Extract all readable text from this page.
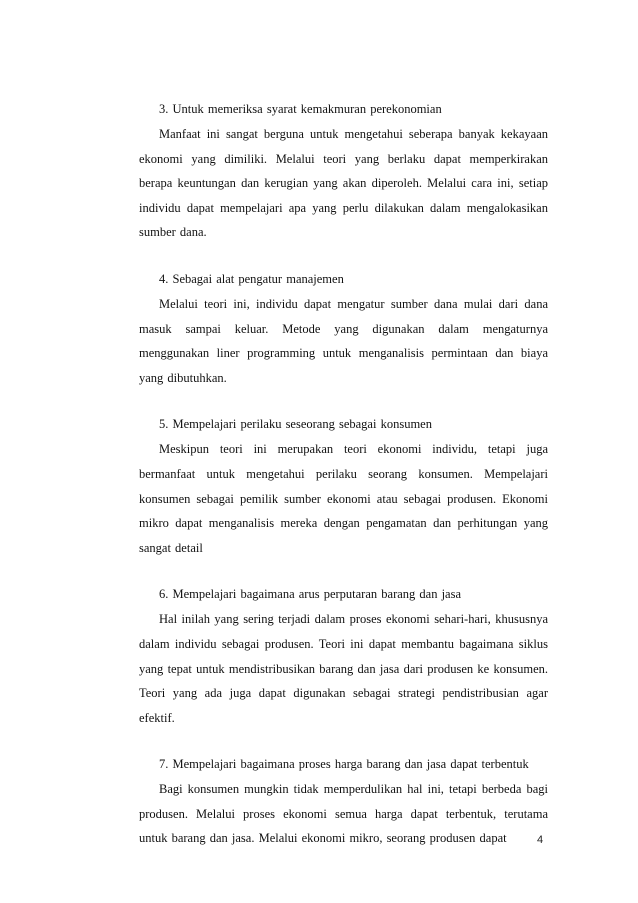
3. Untuk memeriksa syarat kemakmuran perekonomian

Manfaat ini sangat berguna untuk mengetahui seberapa banyak kekayaan ekonomi yang dimiliki. Melalui teori yang berlaku dapat memperkirakan berapa keuntungan dan kerugian yang akan diperoleh. Melalui cara ini, setiap individu dapat mempelajari apa yang perlu dilakukan dalam mengalokasikan sumber dana.

4. Sebagai alat pengatur manajemen

Melalui teori ini, individu dapat mengatur sumber dana mulai dari dana masuk sampai keluar. Metode yang digunakan dalam mengaturnya menggunakan liner programming untuk menganalisis permintaan dan biaya yang dibutuhkan.

5. Mempelajari perilaku seseorang sebagai konsumen

Meskipun teori ini merupakan teori ekonomi individu, tetapi juga bermanfaat untuk mengetahui perilaku seorang konsumen. Mempelajari konsumen sebagai pemilik sumber ekonomi atau sebagai produsen. Ekonomi mikro dapat menganalisis mereka dengan pengamatan dan perhitungan yang sangat detail

6. Mempelajari bagaimana arus perputaran barang dan jasa

Hal inilah yang sering terjadi dalam proses ekonomi sehari-hari, khususnya dalam individu sebagai produsen. Teori ini dapat membantu bagaimana siklus yang tepat untuk mendistribusikan barang dan jasa dari produsen ke konsumen. Teori yang ada juga dapat digunakan sebagai strategi pendistribusian agar efektif.

7. Mempelajari bagaimana proses harga barang dan jasa dapat terbentuk

Bagi konsumen mungkin tidak memperdulikan hal ini, tetapi berbeda bagi produsen. Melalui proses ekonomi semua harga dapat terbentuk, terutama untuk barang dan jasa. Melalui ekonomi mikro, seorang produsen dapat	4
